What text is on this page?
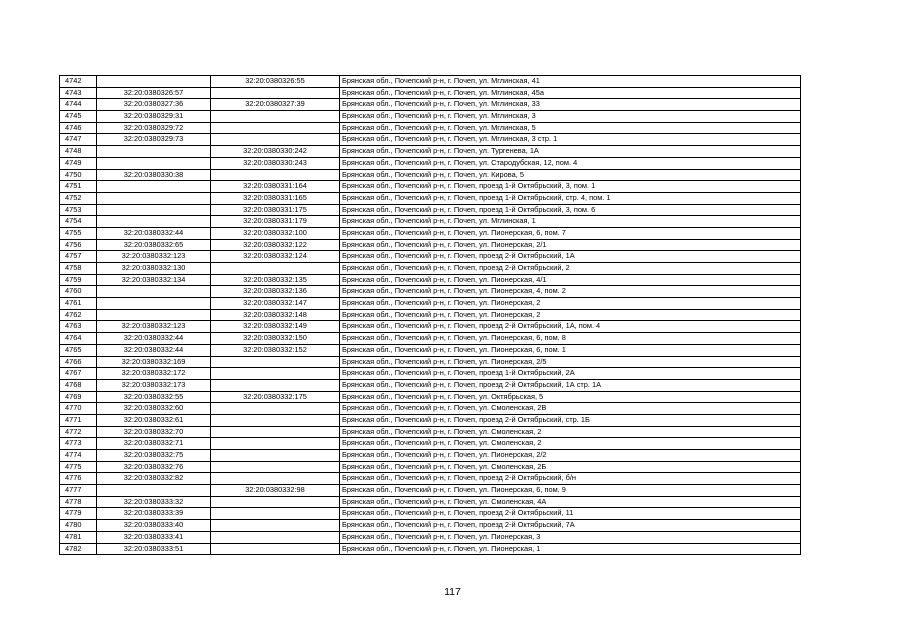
4742		32:20:0380326:55	Брянская обл., Почепский р-н, г. Почеп, ул. Мглинская, 41
4743	32:20:0380326:57		Брянская обл., Почепский р-н, г. Почеп, ул. Мглинская, 45а
4744	32:20:0380327:36	32:20:0380327:39	Брянская обл., Почепский р-н, г. Почеп, ул. Мглинская, 33
4745	32:20:0380329:31		Брянская обл., Почепский р-н, г. Почеп, ул. Мглинская, 3
4746	32:20:0380329:72		Брянская обл., Почепский р-н, г. Почеп, ул. Мглинская, 5
4747	32:20:0380329:73		Брянская обл., Почепский р-н, г. Почеп, ул. Мглинская, 3 стр. 1
4748		32:20:0380330:242	Брянская обл., Почепский р-н, г. Почеп, ул. Тургенева, 1А
4749		32:20:0380330:243	Брянская обл., Почепский р-н, г. Почеп, ул. Стародубская, 12, пом. 4
4750	32:20:0380330:38		Брянская обл., Почепский р-н, г. Почеп, ул. Кирова, 5
4751		32:20:0380331:164	Брянская обл., Почепский р-н, г. Почеп, проезд 1-й Октябрьский, 3, пом. 1
4752		32:20:0380331:165	Брянская обл., Почепский р-н, г. Почеп, проезд 1-й Октябрьский, стр. 4, пом. 1
4753		32:20:0380331:175	Брянская обл., Почепский р-н, г. Почеп, проезд 1-й Октябрьский, 3, пом. 6
4754		32:20:0380331:179	Брянская обл., Почепский р-н, г. Почеп, ул. Мглинская, 1
4755	32:20:0380332:44	32:20:0380332:100	Брянская обл., Почепский р-н, г. Почеп, ул. Пионерская, 6, пом. 7
4756	32:20:0380332:65	32:20:0380332:122	Брянская обл., Почепский р-н, г. Почеп, ул. Пионерская, 2/1
4757	32:20:0380332:123	32:20:0380332:124	Брянская обл., Почепский р-н, г. Почеп, проезд 2-й Октябрьский, 1А
4758	32:20:0380332:130		Брянская обл., Почепский р-н, г. Почеп, проезд 2-й Октябрьский, 2
4759	32:20:0380332:134	32:20:0380332:135	Брянская обл., Почепский р-н, г. Почеп, ул. Пионерская, 4/1
4760		32:20:0380332:136	Брянская обл., Почепский р-н, г. Почеп, ул. Пионерская, 4, пом. 2
4761		32:20:0380332:147	Брянская обл., Почепский р-н, г. Почеп, ул. Пионерская, 2
4762		32:20:0380332:148	Брянская обл., Почепский р-н, г. Почеп, ул. Пионерская, 2
4763	32:20:0380332:123	32:20:0380332:149	Брянская обл., Почепский р-н, г. Почеп, проезд 2-й Октябрьский, 1А, пом. 4
4764	32:20:0380332:44	32:20:0380332:150	Брянская обл., Почепский р-н, г. Почеп, ул. Пионерская, 6, пом. 8
4765	32:20:0380332:44	32:20:0380332:152	Брянская обл., Почепский р-н, г. Почеп, ул. Пионерская, 6, пом. 1
4766	32:20:0380332:169		Брянская обл., Почепский р-н, г. Почеп, ул. Пионерская, 2/5
4767	32:20:0380332:172		Брянская обл., Почепский р-н, г. Почеп, проезд 1-й Октябрьский, 2А
4768	32:20:0380332:173		Брянская обл., Почепский р-н, г. Почеп, проезд 2-й Октябрьский, 1А стр. 1А
4769	32:20:0380332:55	32:20:0380332:175	Брянская обл., Почепский р-н, г. Почеп, ул. Октябрьская, 5
4770	32:20:0380332:60		Брянская обл., Почепский р-н, г. Почеп, ул. Смоленская, 2В
4771	32:20:0380332:61		Брянская обл., Почепский р-н, г. Почеп, проезд 2-й Октябрьский, стр. 1Б
4772	32:20:0380332:70		Брянская обл., Почепский р-н, г. Почеп, ул. Смоленская, 2
4773	32:20:0380332:71		Брянская обл., Почепский р-н, г. Почеп, ул. Смоленская, 2
4774	32:20:0380332:75		Брянская обл., Почепский р-н, г. Почеп, ул. Пионерская, 2/2
4775	32:20:0380332:76		Брянская обл., Почепский р-н, г. Почеп, ул. Смоленская, 2Б
4776	32:20:0380332:82		Брянская обл., Почепский р-н, г. Почеп, проезд 2-й Октябрьский, б/н
4777		32:20:0380332:98	Брянская обл., Почепский р-н, г. Почеп, ул. Пионерская, 6, пом. 9
4778	32:20:0380333:32		Брянская обл., Почепский р-н, г. Почеп, ул. Смоленская, 4А
4779	32:20:0380333:39		Брянская обл., Почепский р-н, г. Почеп, проезд 2-й Октябрьский, 11
4780	32:20:0380333:40		Брянская обл., Почепский р-н, г. Почеп, проезд 2-й Октябрьский, 7А
4781	32:20:0380333:41		Брянская обл., Почепский р-н, г. Почеп, ул. Пионерская, 3
4782	32:20:0380333:51		Брянская обл., Почепский р-н, г. Почеп, ул. Пионерская, 1
117
